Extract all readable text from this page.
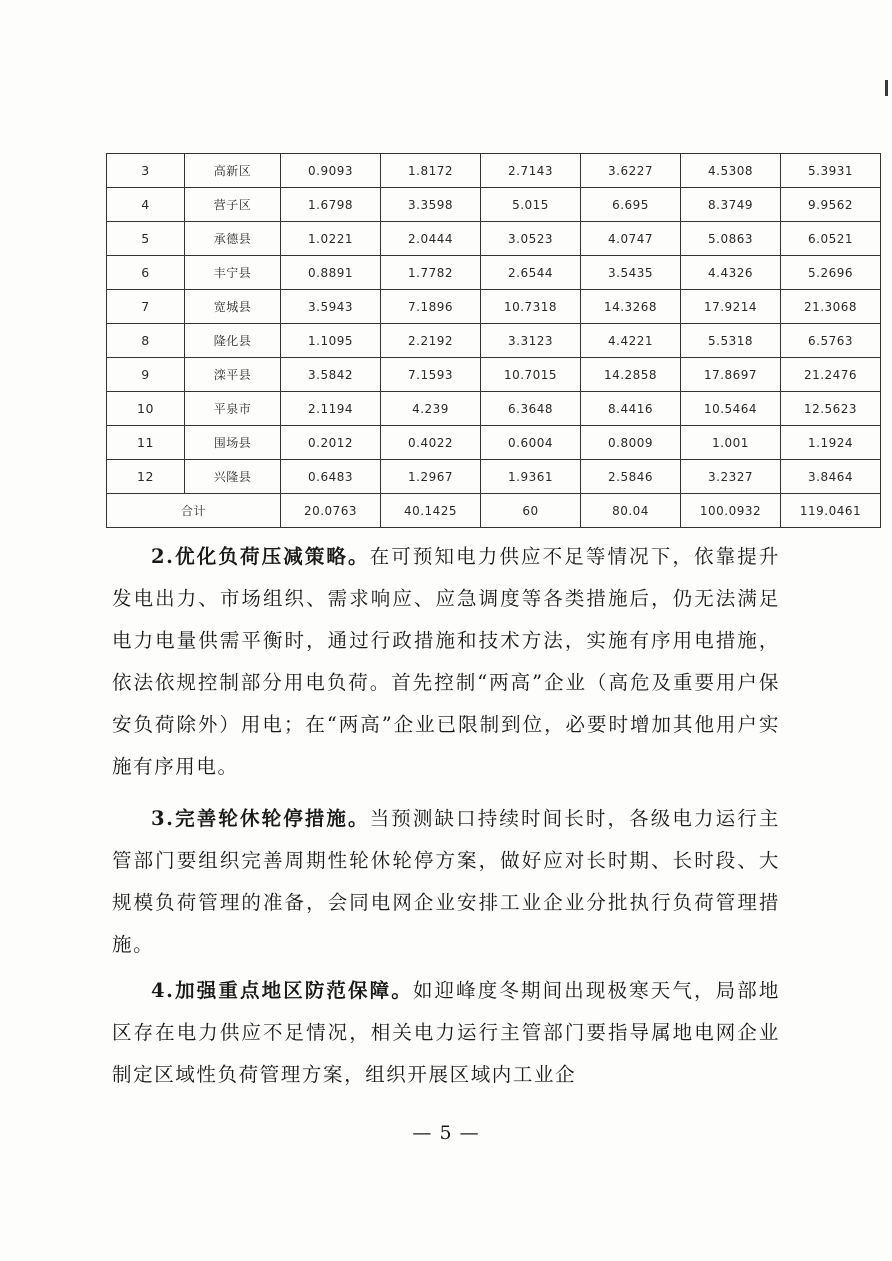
3	高新区	0.9093	1.8172	2.7143	3.6227	4.5308	5.3931
4	营子区	1.6798	3.3598	5.015	6.695	8.3749	9.9562
5	承德县	1.0221	2.0444	3.0523	4.0747	5.0863	6.0521
6	丰宁县	0.8891	1.7782	2.6544	3.5435	4.4326	5.2696
7	宽城县	3.5943	7.1896	10.7318	14.3268	17.9214	21.3068
8	隆化县	1.1095	2.2192	3.3123	4.4221	5.5318	6.5763
9	滦平县	3.5842	7.1593	10.7015	14.2858	17.8697	21.2476
10	平泉市	2.1194	4.239	6.3648	8.4416	10.5464	12.5623
11	围场县	0.2012	0.4022	0.6004	0.8009	1.001	1.1924
12	兴隆县	0.6483	1.2967	1.9361	2.5846	3.2327	3.8464
合计		20.0763	40.1425	60	80.04	100.0932	119.0461

2.优化负荷压减策略。在可预知电力供应不足等情况下，依靠提升发电出力、市场组织、需求响应、应急调度等各类措施后，仍无法满足电力电量供需平衡时，通过行政措施和技术方法，实施有序用电措施，依法依规控制部分用电负荷。首先控制“两高”企业（高危及重要用户保安负荷除外）用电；在“两高”企业已限制到位，必要时增加其他用户实施有序用电。

3.完善轮休轮停措施。当预测缺口持续时间长时，各级电力运行主管部门要组织完善周期性轮休轮停方案，做好应对长时期、长时段、大规模负荷管理的准备，会同电网企业安排工业企业分批执行负荷管理措施。

4.加强重点地区防范保障。如迎峰度冬期间出现极寒天气，局部地区存在电力供应不足情况，相关电力运行主管部门要指导属地电网企业制定区域性负荷管理方案，组织开展区域内工业企

— 5 —
